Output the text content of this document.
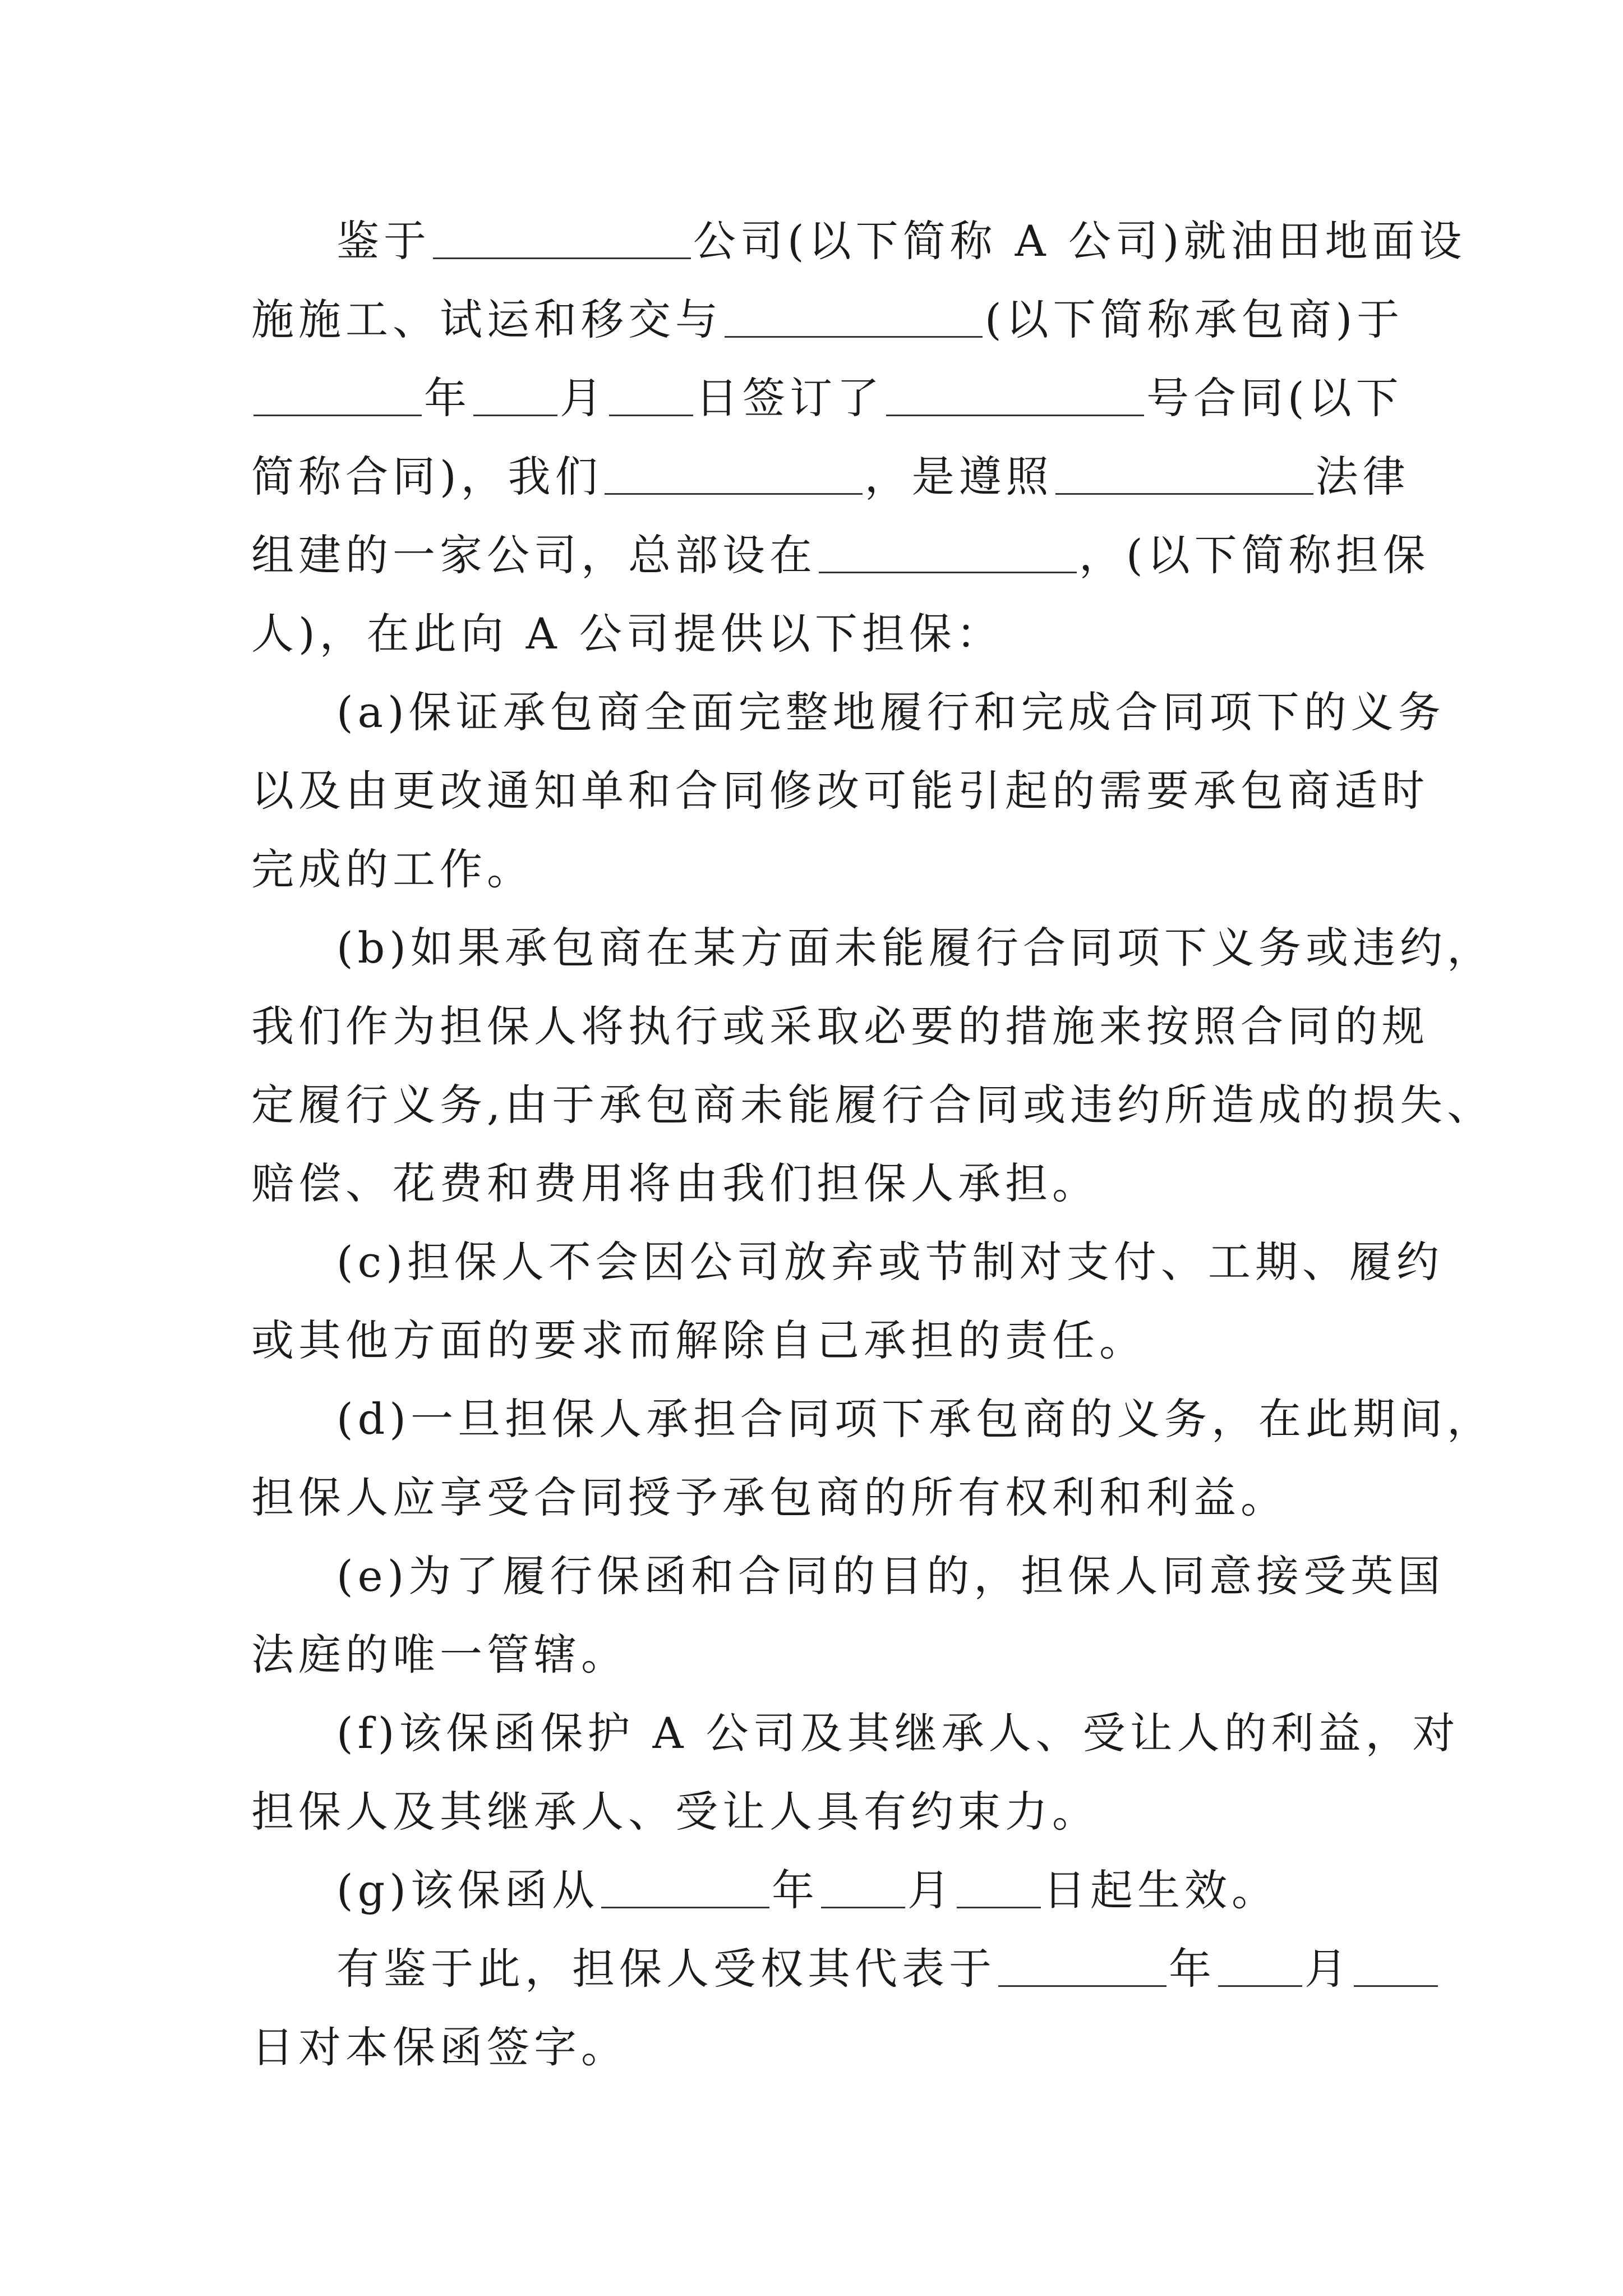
鉴于	公司(以下简称 A 公司)就油田地面设
施施工、试运和移交与	(以下简称承包商)于
年 月 日签订了	号合同(以下
简称合同)，我们	，是遵照	法律
组建的一家公司，总部设在	，(以下简称担保
人)，在此向 A 公司提供以下担保：
(a)保证承包商全面完整地履行和完成合同项下的义务
以及由更改通知单和合同修改可能引起的需要承包商适时
完成的工作。
(b)如果承包商在某方面未能履行合同项下义务或违约，
我们作为担保人将执行或采取必要的措施来按照合同的规
定履行义务,由于承包商未能履行合同或违约所造成的损失、
赔偿、花费和费用将由我们担保人承担。
(c)担保人不会因公司放弃或节制对支付、工期、履约
或其他方面的要求而解除自己承担的责任。
(d)一旦担保人承担合同项下承包商的义务，在此期间，
担保人应享受合同授予承包商的所有权利和利益。
(e)为了履行保函和合同的目的，担保人同意接受英国
法庭的唯一管辖。
(f)该保函保护 A 公司及其继承人、受让人的利益，对
担保人及其继承人、受让人具有约束力。
(g)该保函从	年 月 日起生效。
有鉴于此，担保人受权其代表于	年 月
日对本保函签字。
